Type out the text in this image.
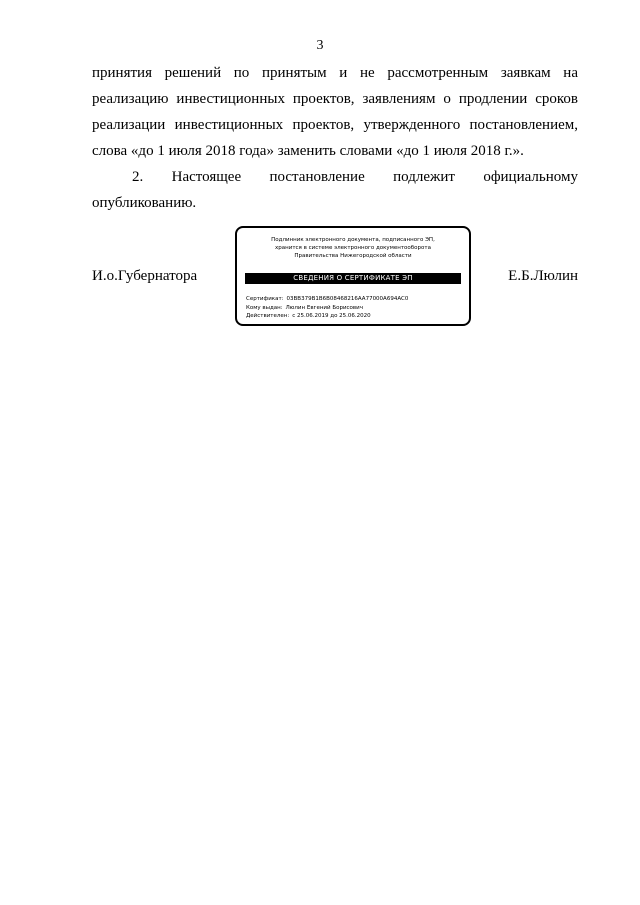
3
принятия решений по принятым и не рассмотренным заявкам на
реализацию инвестиционных проектов, заявлениям о продлении сроков
реализации инвестиционных проектов, утвержденного постановлением,
слова «до 1 июля 2018 года» заменить словами «до 1 июля 2018 г.».
2. Настоящее постановление подлежит официальному
опубликованию.
И.о.Губернатора
Подлинник электронного документа, подписанного ЭП,
хранится в системе электронного документооборота
Правительства Нижегородской области
СВЕДЕНИЯ О СЕРТИФИКАТЕ ЭП
Сертификат: 03BB379B1B6B08468216AA77000A694AC0
Кому выдан: Люлин Евгений Борисович
Действителен: с 25.06.2019 до 25.06.2020
Е.Б.Люлин
